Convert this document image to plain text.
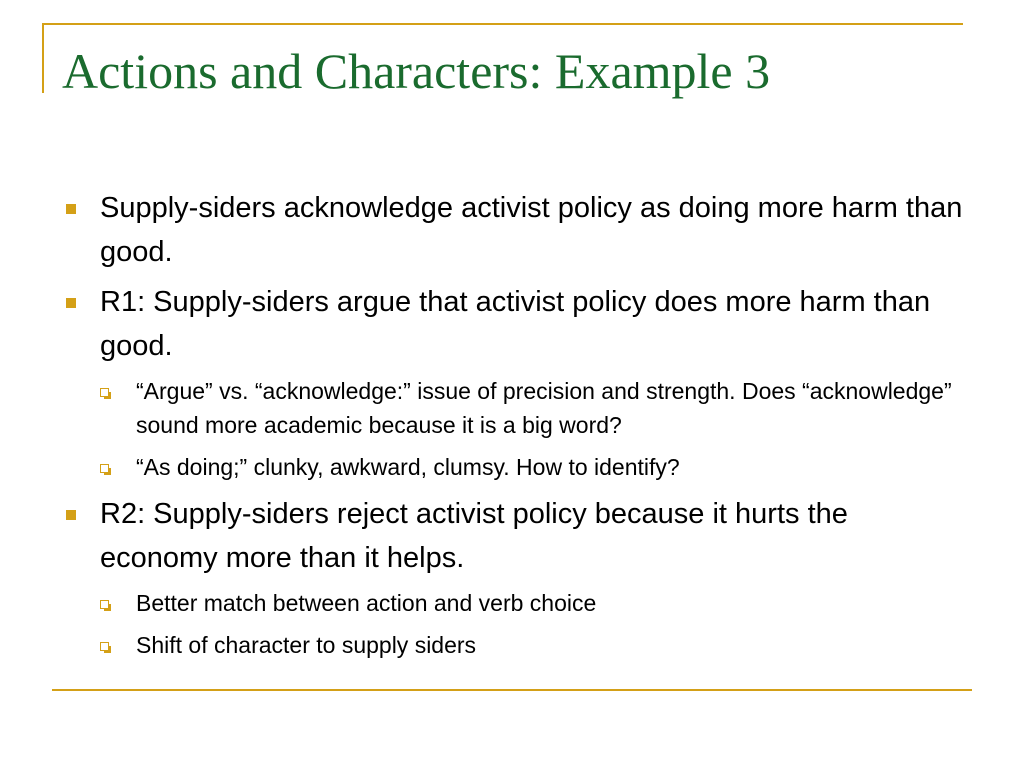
Actions and Characters: Example 3
Supply-siders acknowledge activist policy as doing more harm than good.
R1: Supply-siders argue that activist policy does more harm than good.
“Argue” vs. “acknowledge:” issue of precision and strength. Does “acknowledge” sound more academic because it is a big word?
“As doing;” clunky, awkward, clumsy. How to identify?
R2: Supply-siders reject activist policy because it hurts the economy more than it helps.
Better match between action and verb choice
Shift of character to supply siders
